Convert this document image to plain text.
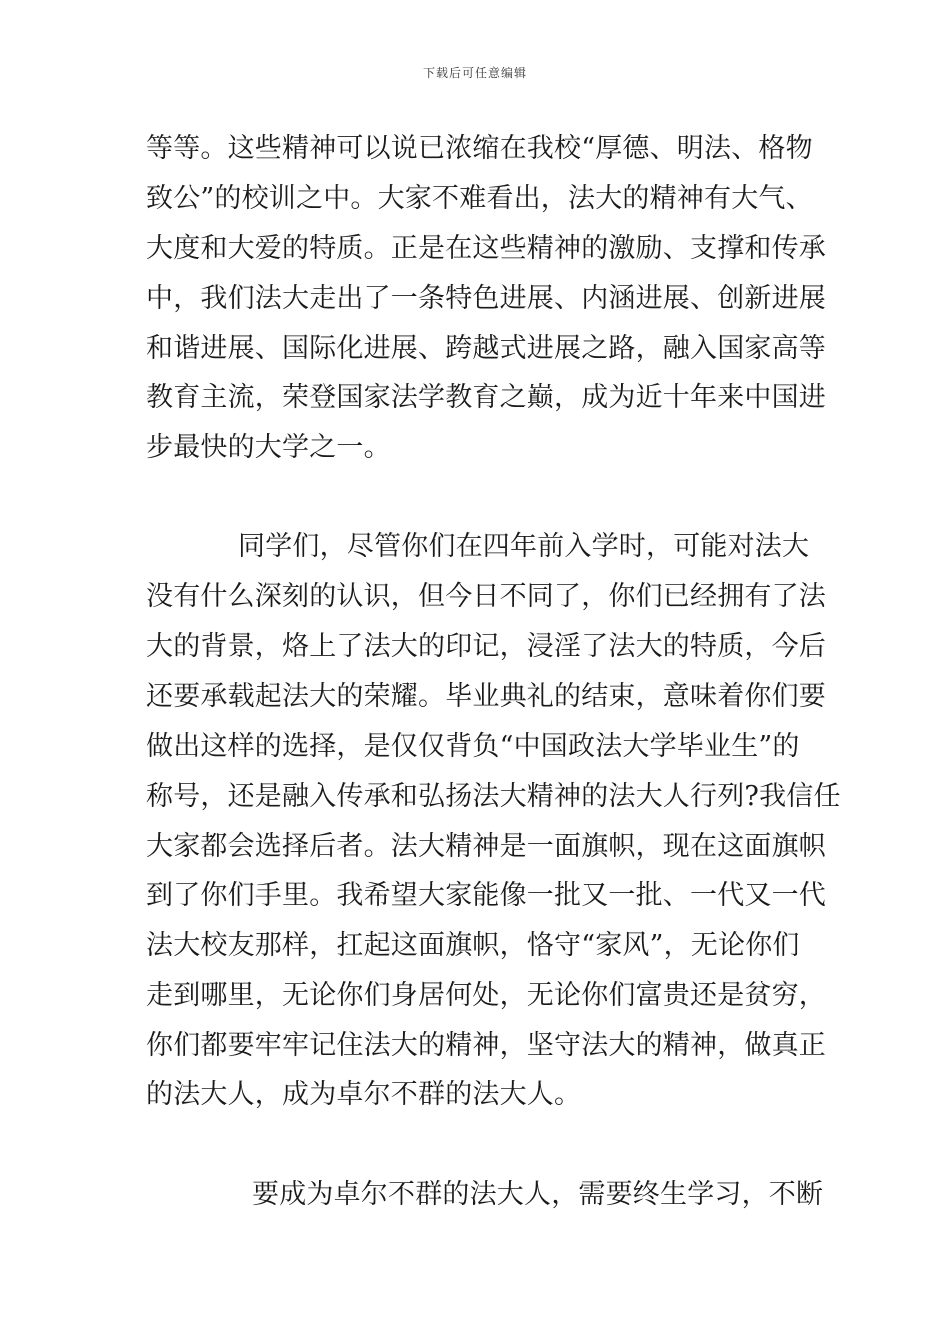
下载后可任意编辑
等等。这些精神可以说已浓缩在我校“厚德、明法、格物
致公”的校训之中。大家不难看出，法大的精神有大气、
大度和大爱的特质。正是在这些精神的激励、支撑和传承
中，我们法大走出了一条特色进展、内涵进展、创新进展
和谐进展、国际化进展、跨越式进展之路，融入国家高等
教育主流，荣登国家法学教育之巅，成为近十年来中国进
步最快的大学之一。
同学们，尽管你们在四年前入学时，可能对法大
没有什么深刻的认识，但今日不同了，你们已经拥有了法
大的背景，烙上了法大的印记，浸淫了法大的特质，今后
还要承载起法大的荣耀。毕业典礼的结束，意味着你们要
做出这样的选择，是仅仅背负“中国政法大学毕业生”的
称号，还是融入传承和弘扬法大精神的法大人行列?我信任
大家都会选择后者。法大精神是一面旗帜，现在这面旗帜
到了你们手里。我希望大家能像一批又一批、一代又一代
法大校友那样，扛起这面旗帜，恪守“家风”，无论你们
走到哪里，无论你们身居何处，无论你们富贵还是贫穷，
你们都要牢牢记住法大的精神，坚守法大的精神，做真正
的法大人，成为卓尔不群的法大人。
要成为卓尔不群的法大人，需要终生学习，不断
